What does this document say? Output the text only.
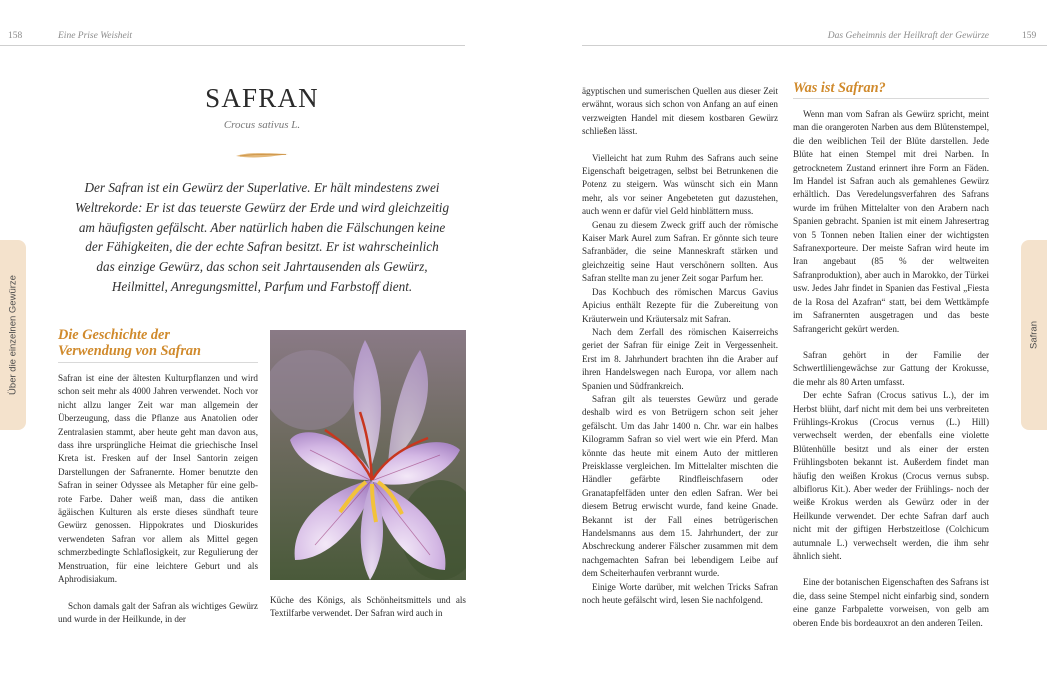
158	Eine Prise Weisheit
SAFRAN
Crocus sativus L.

Der Safran ist ein Gewürz der Superlative. Er hält mindestens zwei

Weltrekorde: Er ist das teuerste Gewürz der Erde und wird gleichzeitig

am häufigsten gefälscht. Aber natürlich haben die Fälschungen keine

der Fähigkeiten, die der echte Safran besitzt. Er ist wahrscheinlich

das einzige Gewürz, das schon seit Jahrtausenden als Gewürz,

Heilmittel, Anregungsmittel, Parfum und Farbstoff dient.

Die Geschichte der
Verwendung von Safran

Safran ist eine der ältesten Kulturpflanzen und wird schon seit mehr als 4000 Jahren verwendet. Noch vor nicht allzu langer Zeit war man allgemein der Überzeugung, dass die Pflanze aus Anatolien oder Zentralasien stammt, aber heute geht man davon aus, dass ihre ursprüngliche Heimat die griechische Insel Kreta ist. Fresken auf der Insel Santorin zeigen Darstellungen der Safranernte. Homer benutzte den Safran in seiner Odyssee als Metapher für eine gelb-rote Farbe. Daher weiß man, dass die antiken ägäischen Kulturen als erste dieses sündhaft teure Gewürz genossen. Hippokrates und Dioskurides verwendeten Safran vor allem als Mittel gegen schmerzbedingte Schlaflosigkeit, zur Regulierung der Menstruation, für eine leichtere Geburt und als Aphrodisiakum.

Schon damals galt der Safran als wichtiges Gewürz und wurde in der Heilkunde, in der

Küche des Königs, als Schönheitsmittels und als Textilfarbe verwendet. Der Safran wird auch in

Über die einzelnen Gewürze
Das Geheimnis der Heilkraft der Gewürze	159

ägyptischen und sumerischen Quellen aus dieser Zeit erwähnt, woraus sich schon von Anfang an auf einen verzweigten Handel mit diesem kostbaren Gewürz schließen lässt.

Vielleicht hat zum Ruhm des Safrans auch seine Eigenschaft beigetragen, selbst bei Betrunkenen die Potenz zu steigern. Was wünscht sich ein Mann mehr, als vor seiner Angebeteten gut dazustehen, auch wenn er dafür viel Geld hinblättern muss.

Genau zu diesem Zweck griff auch der römische Kaiser Mark Aurel zum Safran. Er gönnte sich teure Safranbäder, die seine Manneskraft stärken und gleichzeitig seine Haut verschönern sollten. Aus Safran stellte man zu jener Zeit sogar Parfum her.

Das Kochbuch des römischen Marcus Gavius Apicius enthält Rezepte für die Zubereitung von Kräuterwein und Kräutersalz mit Safran.

Nach dem Zerfall des römischen Kaiserreichs geriet der Safran für einige Zeit in Vergessenheit. Erst im 8. Jahrhundert brachten ihn die Araber auf ihren Handelswegen nach Europa, vor allem nach Spanien und Südfrankreich.

Safran gilt als teuerstes Gewürz und gerade deshalb wird es von Betrügern schon seit jeher gefälscht. Um das Jahr 1400 n. Chr. war ein halbes Kilogramm Safran so viel wert wie ein Pferd. Man könnte das heute mit einem Auto der mittleren Preisklasse vergleichen. Im Mittelalter mischten die Händler gefärbte Rindfleischfasern oder Granatapfelfäden unter den edlen Safran. Wer bei diesem Betrug erwischt wurde, fand keine Gnade. Bekannt ist der Fall eines betrügerischen Handelsmanns aus dem 15. Jahrhundert, der zur Abschreckung anderer Fälscher zusammen mit dem nachgemachten Safran bei lebendigem Leibe auf dem Scheiterhaufen verbrannt wurde.

Einige Worte darüber, mit welchen Tricks Safran noch heute gefälscht wird, lesen Sie nachfolgend.

Was ist Safran?

Wenn man vom Safran als Gewürz spricht, meint man die orangeroten Narben aus dem Blütenstempel, die den weiblichen Teil der Blüte darstellen. Jede Blüte hat einen Stempel mit drei Narben. In getrocknetem Zustand erinnert ihre Form an Fäden. Im Handel ist Safran auch als gemahlenes Gewürz erhältlich. Das Veredelungsverfahren des Safrans wurde im frühen Mittelalter von den Arabern nach Spanien gebracht. Spanien ist mit einem Jahresertrag von 5 Tonnen neben Italien einer der wichtigsten Safranexporteure. Der meiste Safran wird heute im Iran angebaut (85 % der weltweiten Safranproduktion), aber auch in Marokko, der Türkei usw. Jedes Jahr findet in Spanien das Festival „Fiesta de la Rosa del Azafran“ statt, bei dem Wettkämpfe im Safranernten ausgetragen und das beste Safrangericht gekürt werden.

Safran gehört in der Familie der Schwertliliengewächse zur Gattung der Krokusse, die mehr als 80 Arten umfasst.

Der echte Safran (Crocus sativus L.), der im Herbst blüht, darf nicht mit dem bei uns verbreiteten Frühlings-Krokus (Crocus vernus (L.) Hill) verwechselt werden, der ebenfalls eine violette Blütenhülle besitzt und als einer der ersten Frühlingsboten bekannt ist. Außerdem findet man häufig den weißen Krokus (Crocus vernus subsp. albiflorus Kit.). Aber weder der Frühlings- noch der weiße Krokus werden als Gewürz oder in der Heilkunde verwendet. Der echte Safran darf auch nicht mit der giftigen Herbstzeitlose (Colchicum autumnale L.) verwechselt werden, die ihm sehr ähnlich sieht.

Eine der botanischen Eigenschaften des Safrans ist die, dass seine Stempel nicht einfarbig sind, sondern eine ganze Farbpalette vorweisen, von gelb am oberen Ende bis bordeauxrot an den anderen Teilen.

Safran
